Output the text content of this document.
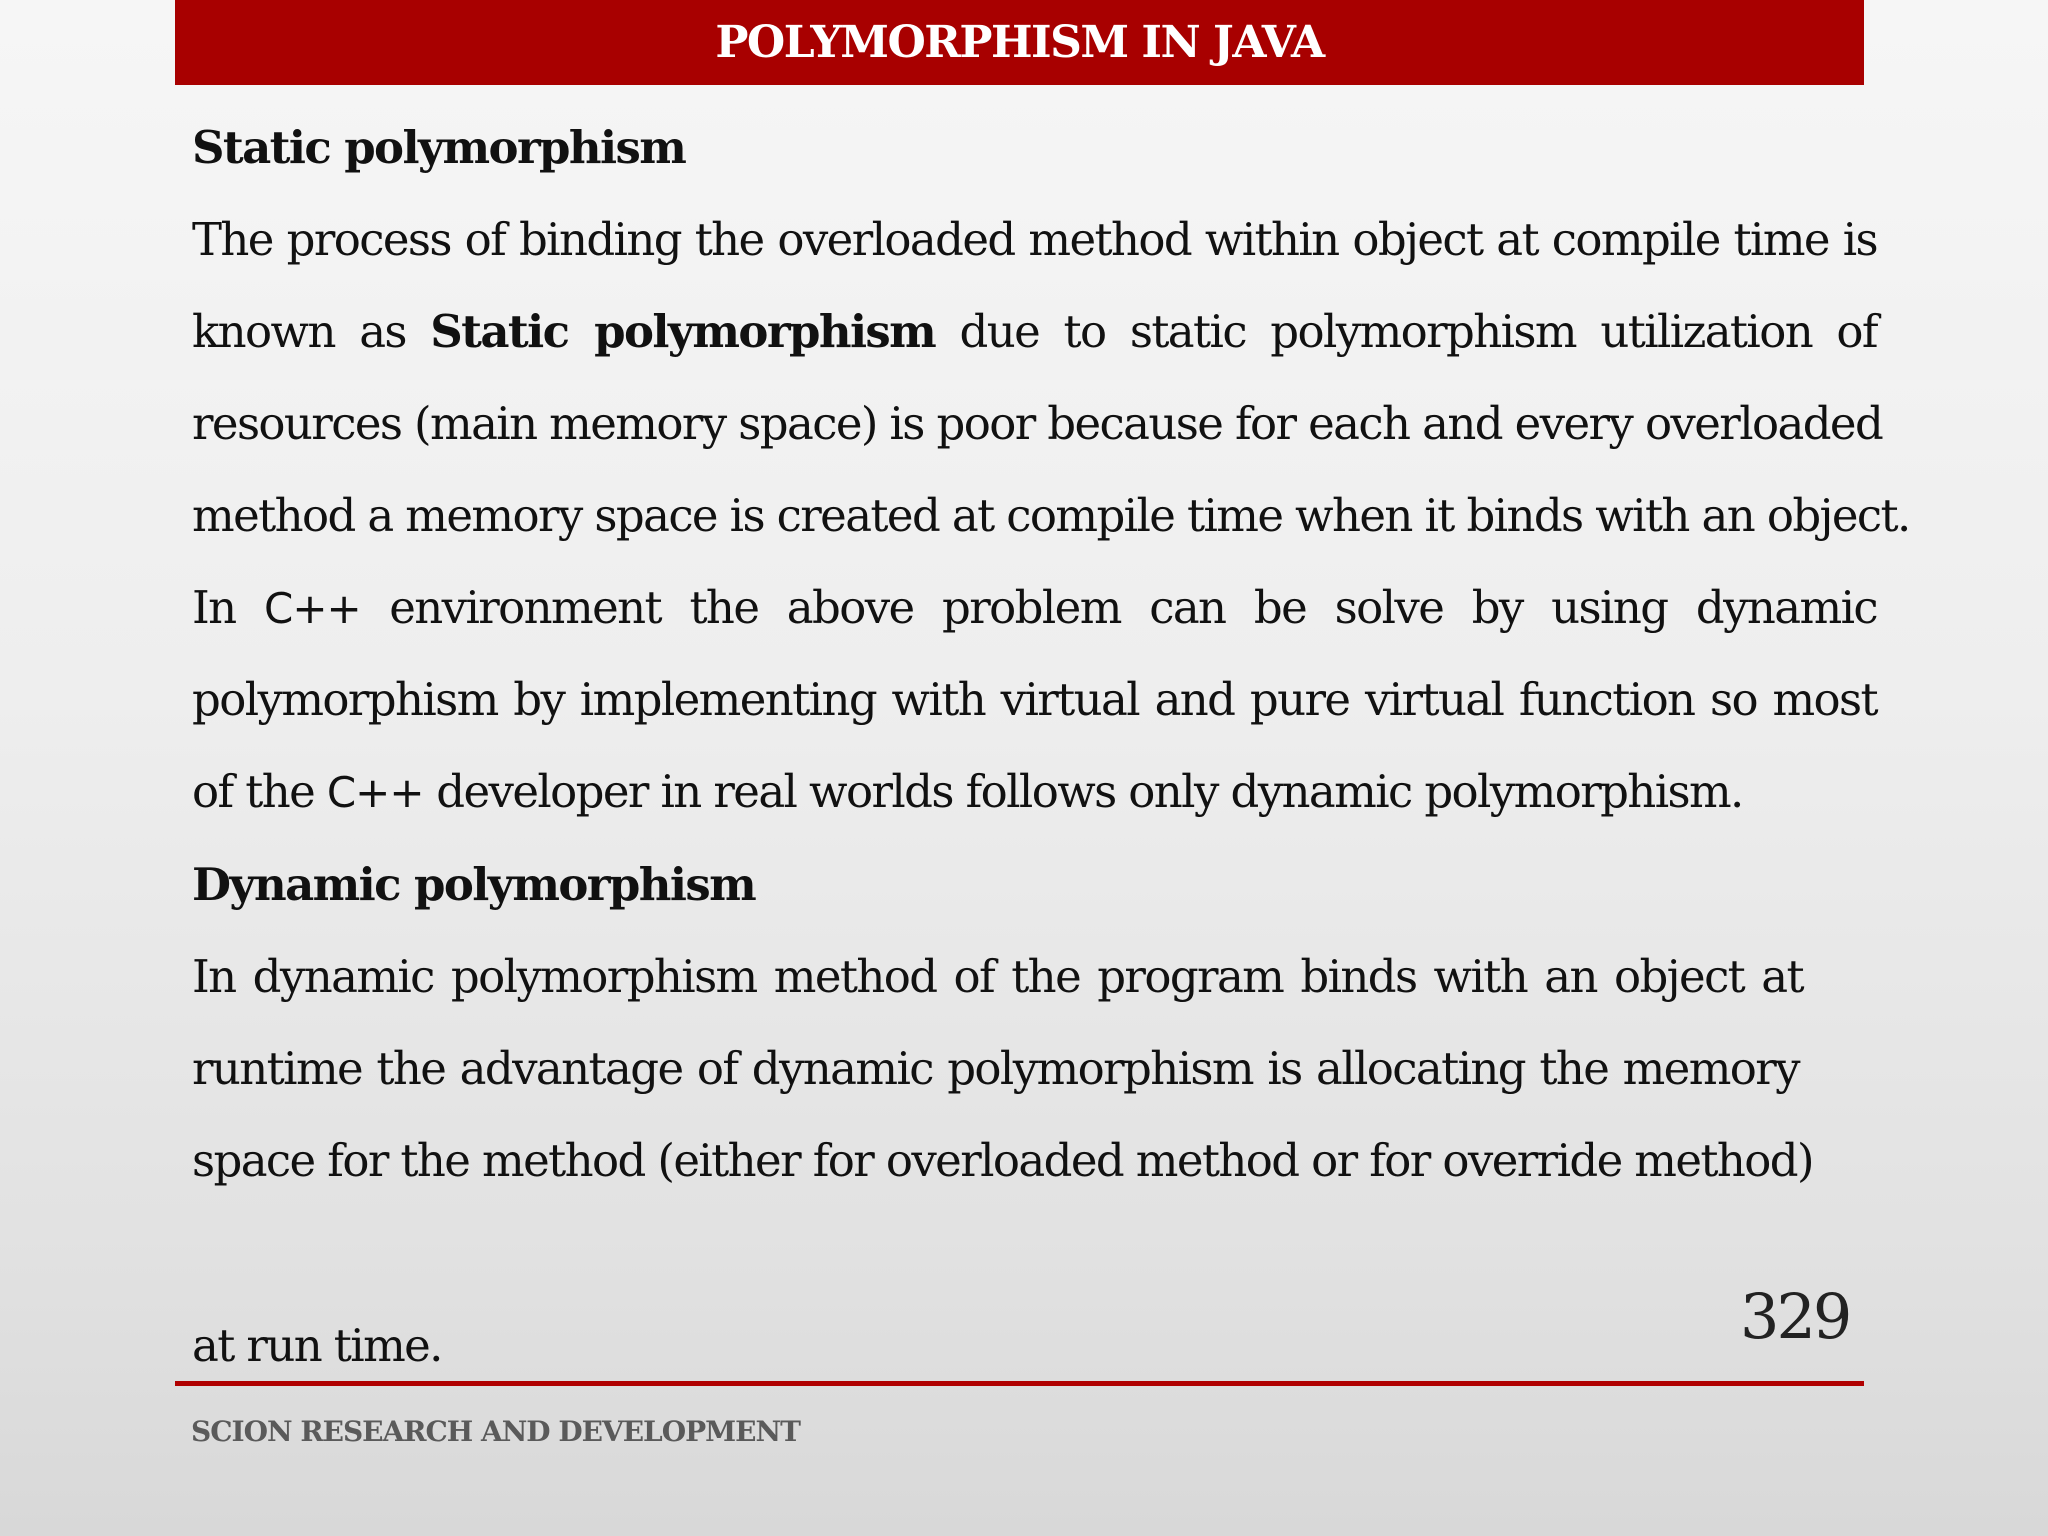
POLYMORPHISM IN JAVA
Static polymorphism
The process of binding the overloaded method within object at compile time is
known as Static polymorphism due to static polymorphism utilization of
resources (main memory space) is poor because for each and every overloaded
method a memory space is created at compile time when it binds with an object.
In C++ environment the above problem can be solve by using dynamic
polymorphism by implementing with virtual and pure virtual function so most
of the C++ developer in real worlds follows only dynamic polymorphism.
Dynamic polymorphism
In dynamic polymorphism method of the program binds with an object at
runtime the advantage of dynamic polymorphism is allocating the memory
space for the method (either for overloaded method or for override method)
at run time.	329
SCION RESEARCH AND DEVELOPMENT
